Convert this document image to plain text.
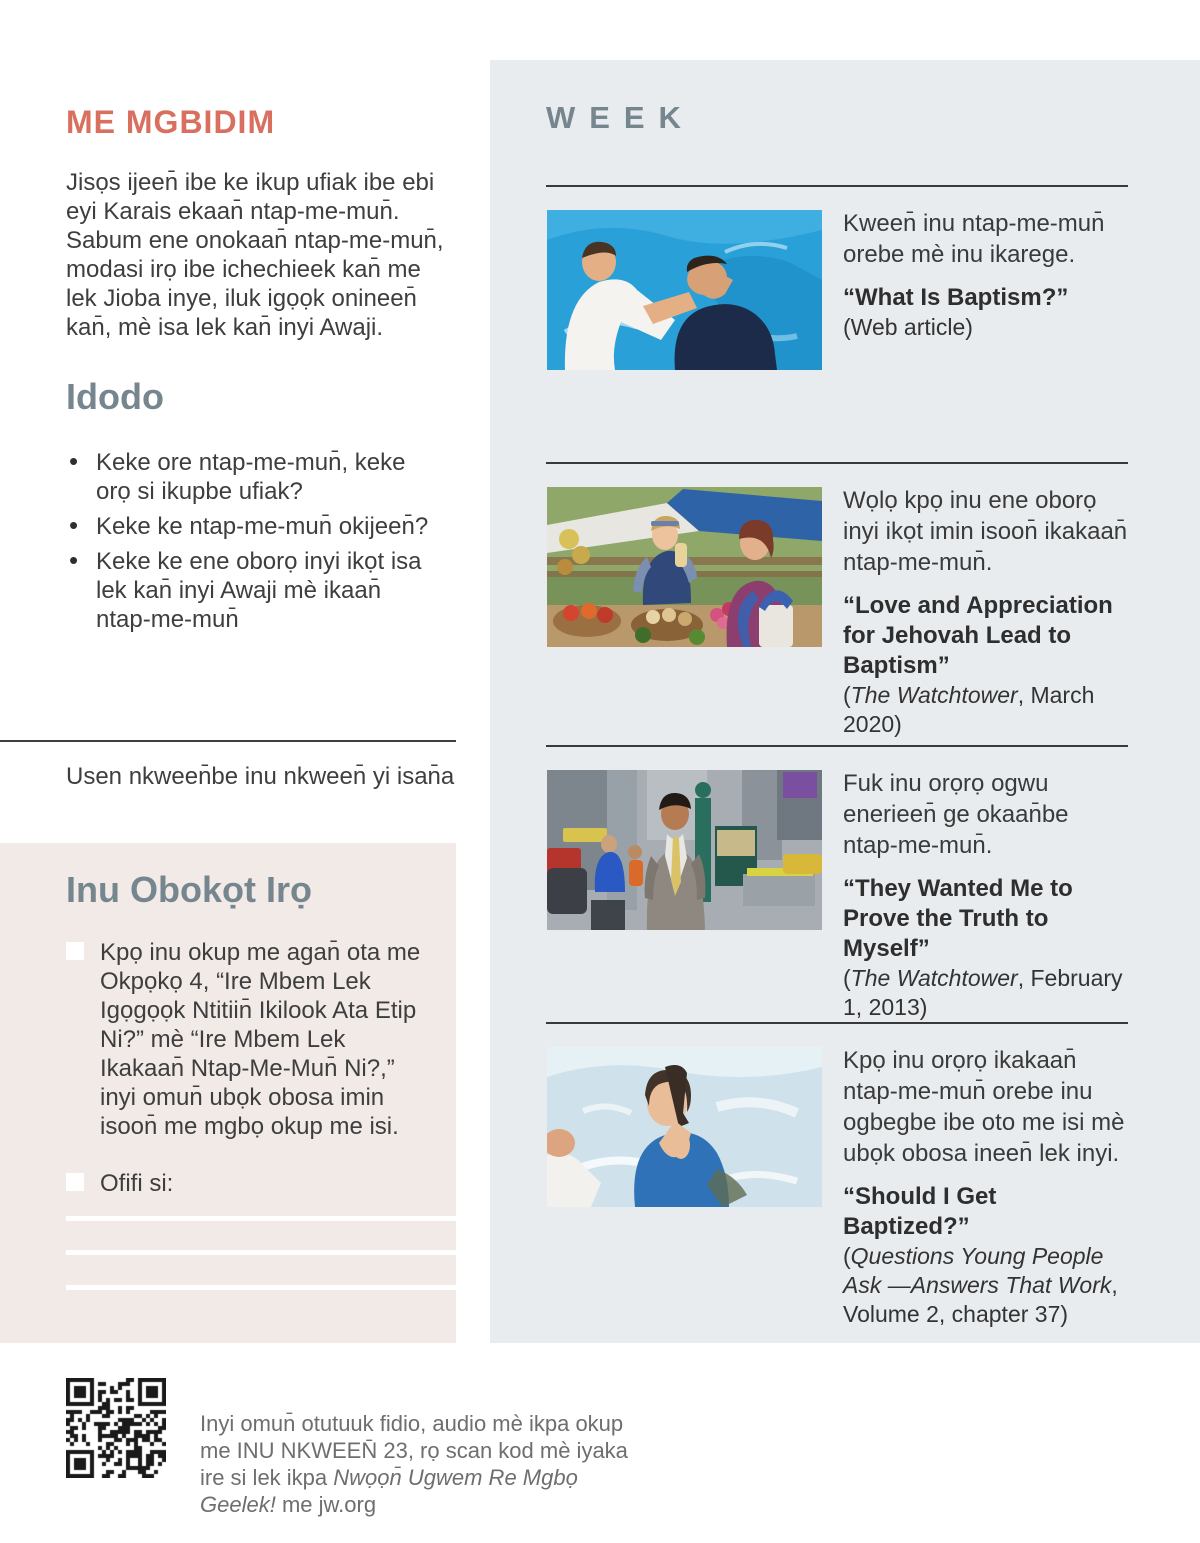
ME MGBIDIM

Jisọs ijeen̄ ibe ke ikup ufiak ibe ebi eyi Karais ekaan̄ ntap-me-mun̄. Sabum ene onokaan̄ ntap-me-mun̄, modasi irọ ibe ichechieek kan̄ me lek Jioba inye, iluk igọọk onineen̄ kan̄, mè isa lek kan̄ inyi Awaji.

Idodo
• Keke ore ntap-me-mun̄, keke orọ si ikupbe ufiak?
• Keke ke ntap-me-mun̄ okijeen̄?
• Keke ke ene oborọ inyi ikọt isa lek kan̄ inyi Awaji mè ikaan̄ ntap-me-mun̄

Usen nkween̄be inu nkween̄ yi isan̄a

Inu Obokọt Irọ

Kpọ inu okup me agan̄ ota me Okpọkọ 4, “Ire Mbem Lek Igọgọọk Ntitiin̄ Ikilook Ata Etip Ni?” mè “Ire Mbem Lek Ikakaan̄ Ntap-Me-Mun̄ Ni?,” inyi omun̄ ubọk obosa imin isoon̄ me mgbọ okup me isi.

Ofifi si:

Inyi omun̄ otutuuk fidio, audio mè ikpa okup me INU NKWEEN̄ 23, rọ scan kod mè iyaka ire si lek ikpa Nwọọn̄ Ugwem Re Mgbọ Geelek! me jw.org

WEEK

Kween̄ inu ntap-me-mun̄ orebe mè inu ikarege.

“What Is Baptism?”

(Web article)

Wọlọ kpọ inu ene oborọ inyi ikọt imin isoon̄ ikakaan̄ ntap-me-mun̄.

“Love and Appreciation for Jehovah Lead to Baptism”

(The Watchtower, March 2020)

Fuk inu orọrọ ogwu enerieen̄ ge okaan̄be ntap-me-mun̄.

“They Wanted Me to Prove the Truth to Myself”

(The Watchtower, February 1, 2013)

Kpọ inu orọrọ ikakaan̄ ntap-me-mun̄ orebe inu ogbegbe ibe oto me isi mè ubọk obosa ineen̄ lek inyi.

“Should I Get Baptized?”

(Questions Young People Ask —Answers That Work, Volume 2, chapter 37)
